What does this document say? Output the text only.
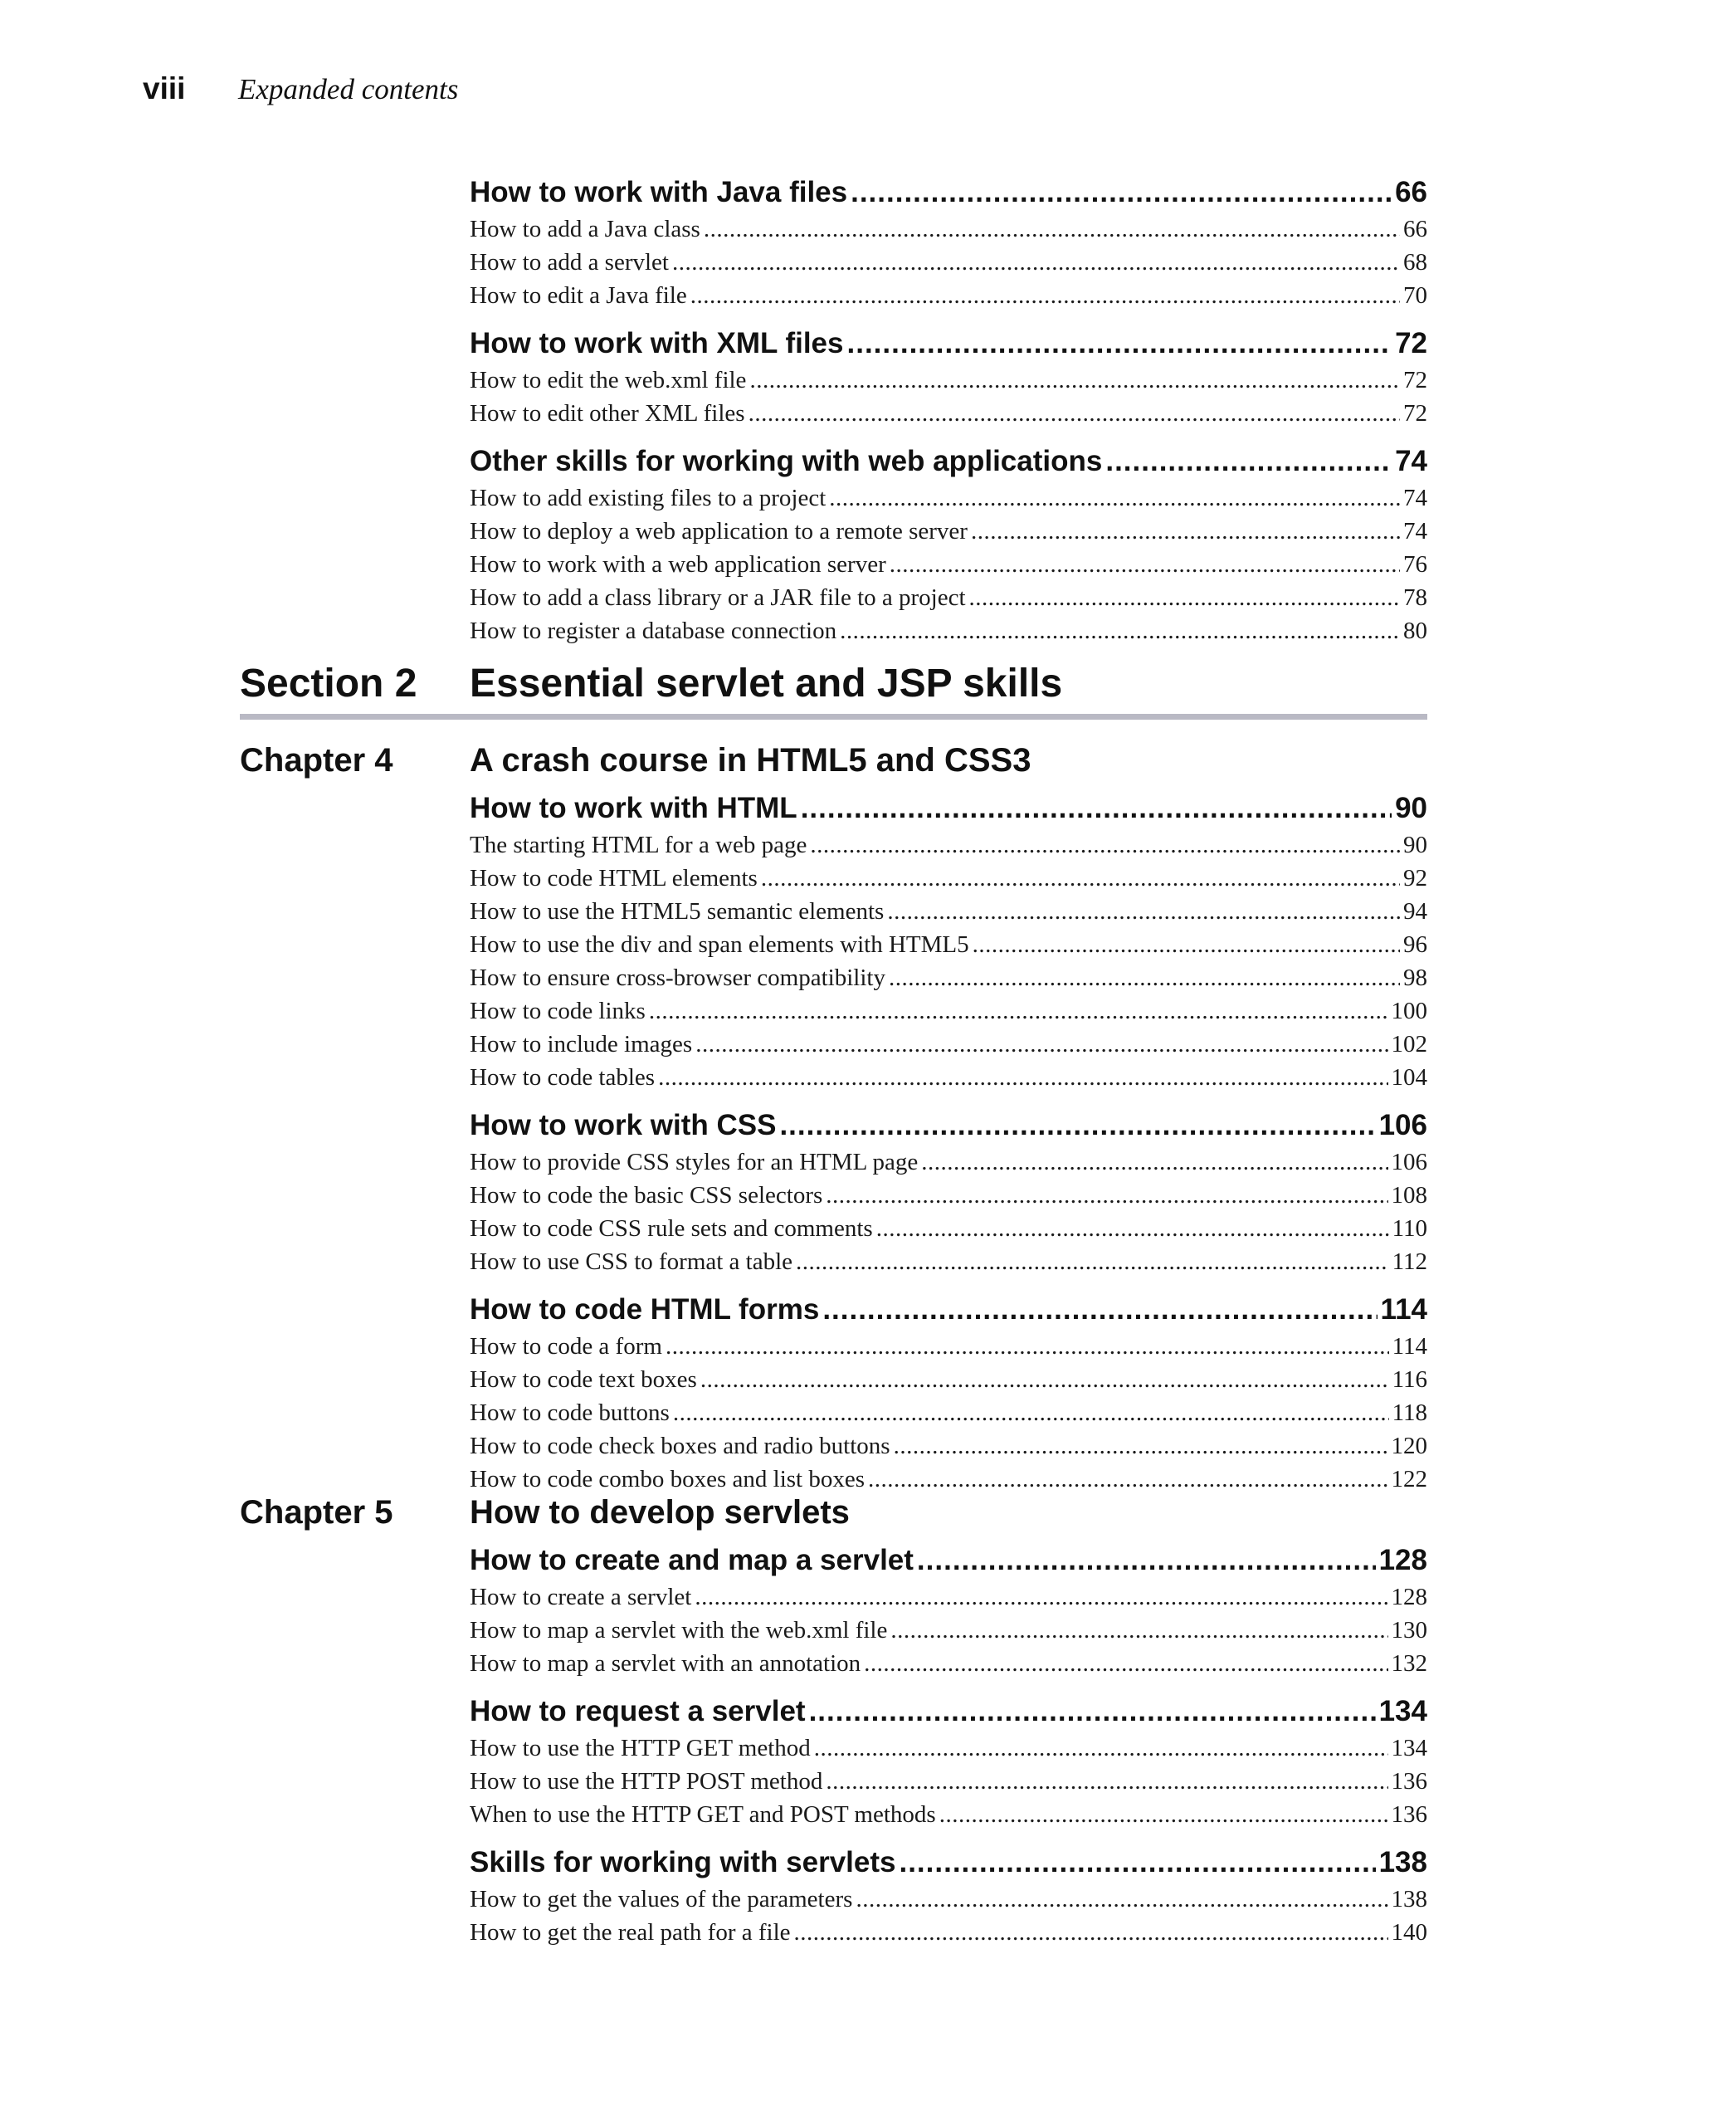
viii	Expanded contents
How to work with Java files .....	66
How to add a Java class .....	66
How to add a servlet .....	68
How to edit a Java file .....	70
How to work with XML files .....	72
How to edit the web.xml file .....	72
How to edit other XML files .....	72
Other skills for working with web applications .....	74
How to add existing files to a project .....	74
How to deploy a web application to a remote server .....	74
How to work with a web application server .....	76
How to add a class library or a JAR file to a project .....	78
How to register a database connection .....	80
Section 2	Essential servlet and JSP skills
Chapter 4	A crash course in HTML5 and CSS3
How to work with HTML .....	90
The starting HTML for a web page .....	90
How to code HTML elements .....	92
How to use the HTML5 semantic elements .....	94
How to use the div and span elements with HTML5 .....	96
How to ensure cross-browser compatibility .....	98
How to code links .....	100
How to include images .....	102
How to code tables .....	104
How to work with CSS .....	106
How to provide CSS styles for an HTML page .....	106
How to code the basic CSS selectors .....	108
How to code CSS rule sets and comments .....	110
How to use CSS to format a table .....	112
How to code HTML forms .....	114
How to code a form .....	114
How to code text boxes .....	116
How to code buttons .....	118
How to code check boxes and radio buttons .....	120
How to code combo boxes and list boxes .....	122
Chapter 5	How to develop servlets
How to create and map a servlet .....	128
How to create a servlet .....	128
How to map a servlet with the web.xml file .....	130
How to map a servlet with an annotation .....	132
How to request a servlet .....	134
How to use the HTTP GET method .....	134
How to use the HTTP POST method .....	136
When to use the HTTP GET and POST methods .....	136
Skills for working with servlets .....	138
How to get the values of the parameters .....	138
How to get the real path for a file .....	140
